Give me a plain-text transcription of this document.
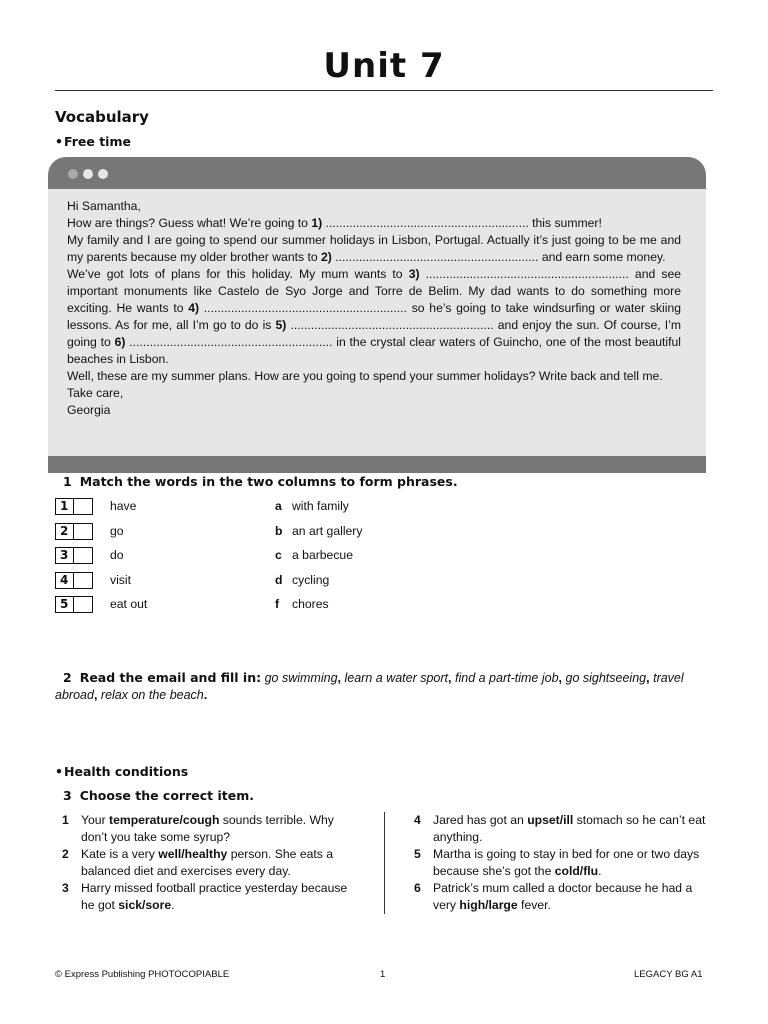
Unit 7
Vocabulary
•Free time

Hi Samantha,

How are things? Guess what! We’re going to 1) ............................................................ this summer!

My family and I are going to spend our summer holidays in Lisbon, Portugal. Actually it’s just going to be me and my parents because my older brother wants to 2) ............................................................ and earn some money.

We’ve got lots of plans for this holiday. My mum wants to 3) ............................................................ and see important monuments like Castelo de Syo Jorge and Torre de Belim. My dad wants to do something more exciting. He wants to 4) ............................................................ so he’s going to take windsurfing or water skiing lessons. As for me, all I’m go to do is 5) ............................................................ and enjoy the sun. Of course, I’m going to 6) ............................................................ in the crystal clear waters of Guincho, one of the most beautiful beaches in Lisbon.

Well, these are my summer plans. How are you going to spend your summer holidays? Write back and tell me.

Take care,

Georgia

1 Match the words in the two columns to form phrases.
1	have	a with family
2	go	b an art gallery
3	do	c a barbecue
4	visit	d cycling
5	eat out	f chores
2 Read the email and fill in: go swimming, learn a water sport, find a part-time job, go sightseeing, travel abroad, relax on the beach.
•Health conditions
3 Choose the correct item.
1 Your temperature/cough sounds terrible. Why don’t you take some syrup?
2 Kate is a very well/healthy person. She eats a balanced diet and exercises every day.
3 Harry missed football practice yesterday because he got sick/sore.
4 Jared has got an upset/ill stomach so he can’t eat anything.
5 Martha is going to stay in bed for one or two days because she’s got the cold/flu.
6 Patrick’s mum called a doctor because he had a very high/large fever.
© Express Publishing PHOTOCOPIABLE	1	LEGACY BG A1
